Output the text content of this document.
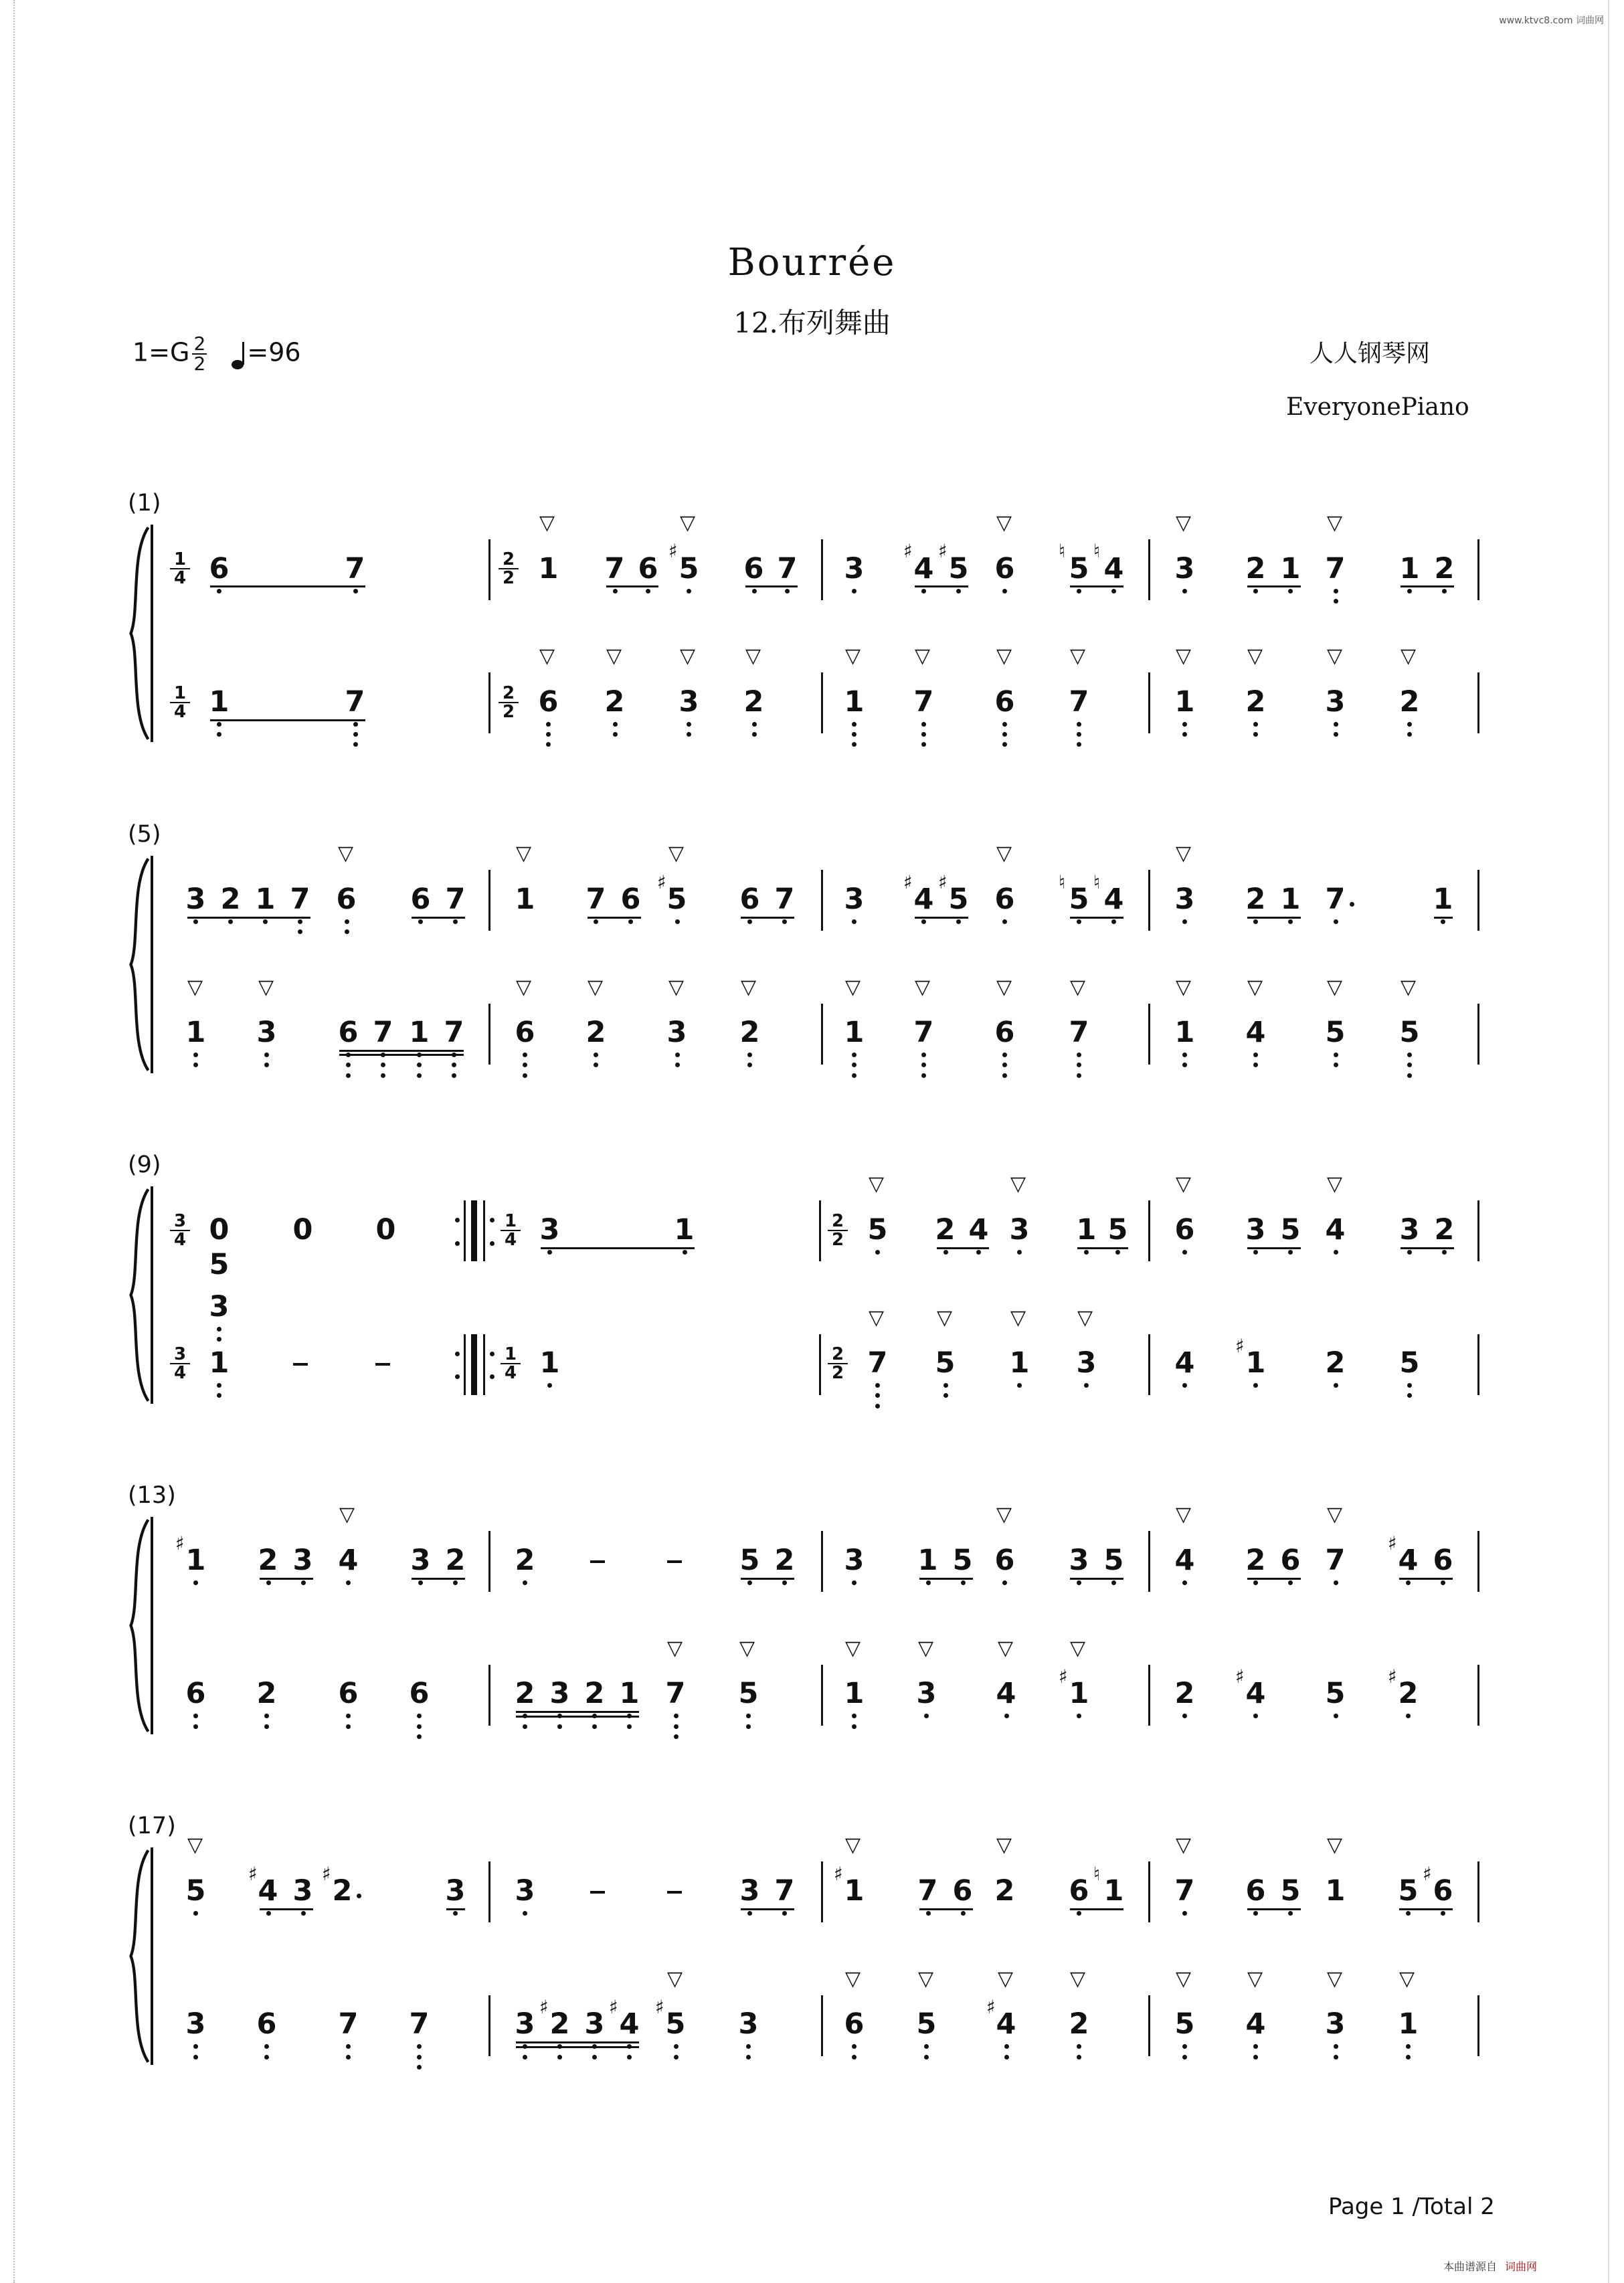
www.ktvc8.com 词曲网
Bourrée
12.布列舞曲
$1=G \frac{2}{2} =96$	人人钢琴网
EveryonePiano
(1)
(5)
(9)
(13)
(17)
1
4
1
4
6	7
1	7
2
2
2
2
1
▽
7 6 5
♯
▽
6 7 3 4
♯
5
♯
6
▽
5
♮
4
♮
3
▽
2 1 7
▽
1 2
6
▽
2
▽
3
▽
2
▽
1
▽
7
▽
6
▽
7
▽
1
▽
2
▽
3
▽
2
▽
3 2 1 7 6
▽
6 7 1
▽
7 6 5
♯
▽
6 7 3 4
♯
5
♯
6
▽
5
♮
4
♮
3
▽
2 1 7	1
1
▽
3
▽
6 7 1 7 6
▽
2
▽
3
▽
2
▽
1
▽
7
▽
6
▽
7
▽
1
▽
4
▽
5
▽
5
▽
3
4
3
4
0
5
3
0 0	1
4
1
4
3	1
1	1
2
2
2
2
5
▽
2 4 3
▽
1 5 6
▽
3 5 4
▽
3 2
7
▽
5
▽
1
▽
3
▽
4 1
♯
2 5
1
♯
2 3 4
▽
3 2 2	5 2 3 1 5 6
▽
3 5 4
▽
2 6 7
▽
4
♯
6
6 2 6 6	2 3 2 1 7
▽
5
▽
1
▽
3
▽
4
▽
1
♯
▽
2 4
♯
5 2
♯
5
▽
4
♯
3 2
♯
3 3	3 7 1
♯
▽
7 6 2
▽
6 1
♮
7
▽
6 5 1
▽
5 6
♯
3 6 7 7	3 2
♯
3 4
♯
5
♯
▽
3	6
▽
5
▽
4
♯
▽
2
▽
5
▽
4
▽
3
▽
1
▽
Page 1 /Total 2
词曲网
本曲谱源自
